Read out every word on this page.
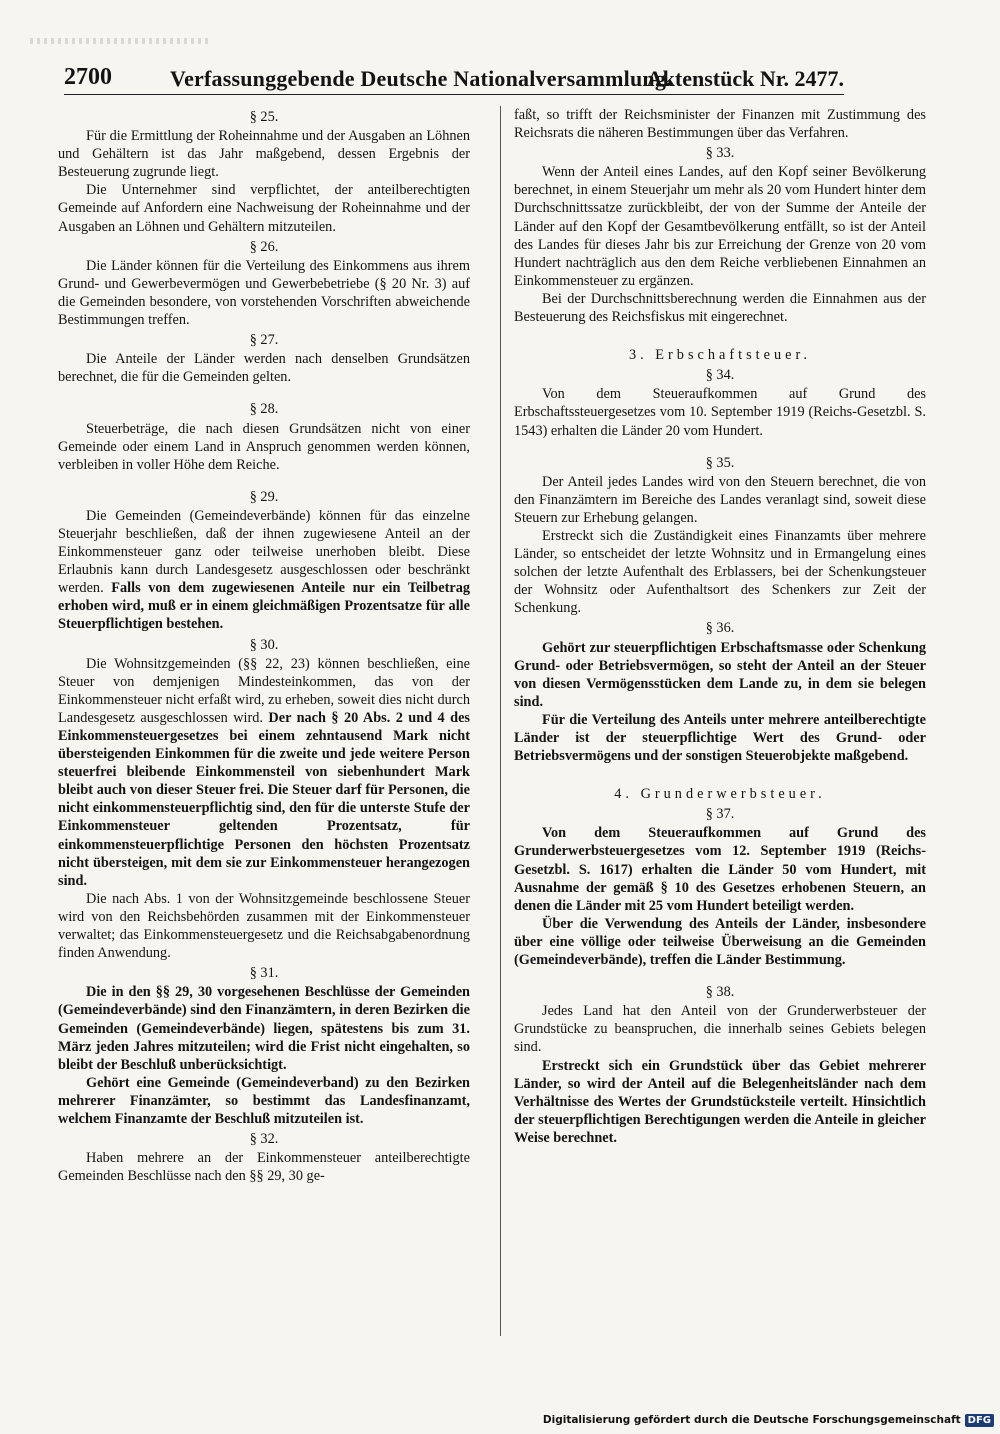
2700	Verfassunggebende Deutsche Nationalversammlung.
Aktenstück Nr. 2477.
§ 25.

Für die Ermittlung der Roheinnahme und der Ausgaben an Löhnen und Gehältern ist das Jahr maßgebend, dessen Ergebnis der Besteuerung zugrunde liegt.

Die Unternehmer sind verpflichtet, der anteilberechtigten Gemeinde auf Anfordern eine Nachweisung der Roheinnahme und der Ausgaben an Löhnen und Gehältern mitzuteilen.

§ 26.

Die Länder können für die Verteilung des Einkommens aus ihrem Grund- und Gewerbevermögen und Gewerbebetriebe (§ 20 Nr. 3) auf die Gemeinden besondere, von vorstehenden Vorschriften abweichende Bestimmungen treffen.

§ 27.

Die Anteile der Länder werden nach denselben Grundsätzen berechnet, die für die Gemeinden gelten.

§ 28.

Steuerbeträge, die nach diesen Grundsätzen nicht von einer Gemeinde oder einem Land in Anspruch genommen werden können, verbleiben in voller Höhe dem Reiche.

§ 29.

Die Gemeinden (Gemeindeverbände) können für das einzelne Steuerjahr beschließen, daß der ihnen zugewiesene Anteil an der Einkommensteuer ganz oder teilweise unerhoben bleibt. Diese Erlaubnis kann durch Landesgesetz ausgeschlossen oder beschränkt werden. Falls von dem zugewiesenen Anteile nur ein Teilbetrag erhoben wird, muß er in einem gleichmäßigen Prozentsatze für alle Steuerpflichtigen bestehen.

§ 30.

Die Wohnsitzgemeinden (§§ 22, 23) können beschließen, eine Steuer von demjenigen Mindesteinkommen, das von der Einkommensteuer nicht erfaßt wird, zu erheben, soweit dies nicht durch Landesgesetz ausgeschlossen wird. Der nach § 20 Abs. 2 und 4 des Einkommensteuergesetzes bei einem zehntausend Mark nicht übersteigenden Einkommen für die zweite und jede weitere Person steuerfrei bleibende Einkommensteil von siebenhundert Mark bleibt auch von dieser Steuer frei. Die Steuer darf für Personen, die nicht einkommensteuerpflichtig sind, den für die unterste Stufe der Einkommensteuer geltenden Prozentsatz, für einkommensteuerpflichtige Personen den höchsten Prozentsatz nicht übersteigen, mit dem sie zur Einkommensteuer herangezogen sind.

Die nach Abs. 1 von der Wohnsitzgemeinde beschlossene Steuer wird von den Reichsbehörden zusammen mit der Einkommensteuer verwaltet; das Einkommensteuergesetz und die Reichsabgabenordnung finden Anwendung.

§ 31.

Die in den §§ 29, 30 vorgesehenen Beschlüsse der Gemeinden (Gemeindeverbände) sind den Finanzämtern, in deren Bezirken die Gemeinden (Gemeindeverbände) liegen, spätestens bis zum 31. März jeden Jahres mitzuteilen; wird die Frist nicht eingehalten, so bleibt der Beschluß unberücksichtigt.

Gehört eine Gemeinde (Gemeindeverband) zu den Bezirken mehrerer Finanzämter, so bestimmt das Landesfinanzamt, welchem Finanzamte der Beschluß mitzuteilen ist.

§ 32.

Haben mehrere an der Einkommensteuer anteilberechtigte Gemeinden Beschlüsse nach den §§ 29, 30 ge-

faßt, so trifft der Reichsminister der Finanzen mit Zustimmung des Reichsrats die näheren Bestimmungen über das Verfahren.

§ 33.

Wenn der Anteil eines Landes, auf den Kopf seiner Bevölkerung berechnet, in einem Steuerjahr um mehr als 20 vom Hundert hinter dem Durchschnittssatze zurückbleibt, der von der Summe der Anteile der Länder auf den Kopf der Gesamtbevölkerung entfällt, so ist der Anteil des Landes für dieses Jahr bis zur Erreichung der Grenze von 20 vom Hundert nachträglich aus den dem Reiche verbliebenen Einnahmen an Einkommensteuer zu ergänzen.

Bei der Durchschnittsberechnung werden die Einnahmen aus der Besteuerung des Reichsfiskus mit eingerechnet.

3. Erbschaftsteuer.
§ 34.

Von dem Steueraufkommen auf Grund des Erbschaftssteuergesetzes vom 10. September 1919 (Reichs-Gesetzbl. S. 1543) erhalten die Länder 20 vom Hundert.

§ 35.

Der Anteil jedes Landes wird von den Steuern berechnet, die von den Finanzämtern im Bereiche des Landes veranlagt sind, soweit diese Steuern zur Erhebung gelangen.

Erstreckt sich die Zuständigkeit eines Finanzamts über mehrere Länder, so entscheidet der letzte Wohnsitz und in Ermangelung eines solchen der letzte Aufenthalt des Erblassers, bei der Schenkungsteuer der Wohnsitz oder Aufenthaltsort des Schenkers zur Zeit der Schenkung.

§ 36.

Gehört zur steuerpflichtigen Erbschaftsmasse oder Schenkung Grund- oder Betriebsvermögen, so steht der Anteil an der Steuer von diesen Vermögensstücken dem Lande zu, in dem sie belegen sind.

Für die Verteilung des Anteils unter mehrere anteilberechtigte Länder ist der steuerpflichtige Wert des Grund- oder Betriebsvermögens und der sonstigen Steuerobjekte maßgebend.

4. Grunderwerbsteuer.
§ 37.

Von dem Steueraufkommen auf Grund des Grunderwerbsteuergesetzes vom 12. September 1919 (Reichs-Gesetzbl. S. 1617) erhalten die Länder 50 vom Hundert, mit Ausnahme der gemäß § 10 des Gesetzes erhobenen Steuern, an denen die Länder mit 25 vom Hundert beteiligt werden.

Über die Verwendung des Anteils der Länder, insbesondere über eine völlige oder teilweise Überweisung an die Gemeinden (Gemeindeverbände), treffen die Länder Bestimmung.

§ 38.

Jedes Land hat den Anteil von der Grunderwerbsteuer der Grundstücke zu beanspruchen, die innerhalb seines Gebiets belegen sind.

Erstreckt sich ein Grundstück über das Gebiet mehrerer Länder, so wird der Anteil auf die Belegenheitsländer nach dem Verhältnisse des Wertes der Grundstücksteile verteilt. Hinsichtlich der steuerpflichtigen Berechtigungen werden die Anteile in gleicher Weise berechnet.

Digitalisierung gefördert durch die Deutsche Forschungsgemeinschaft DFG
